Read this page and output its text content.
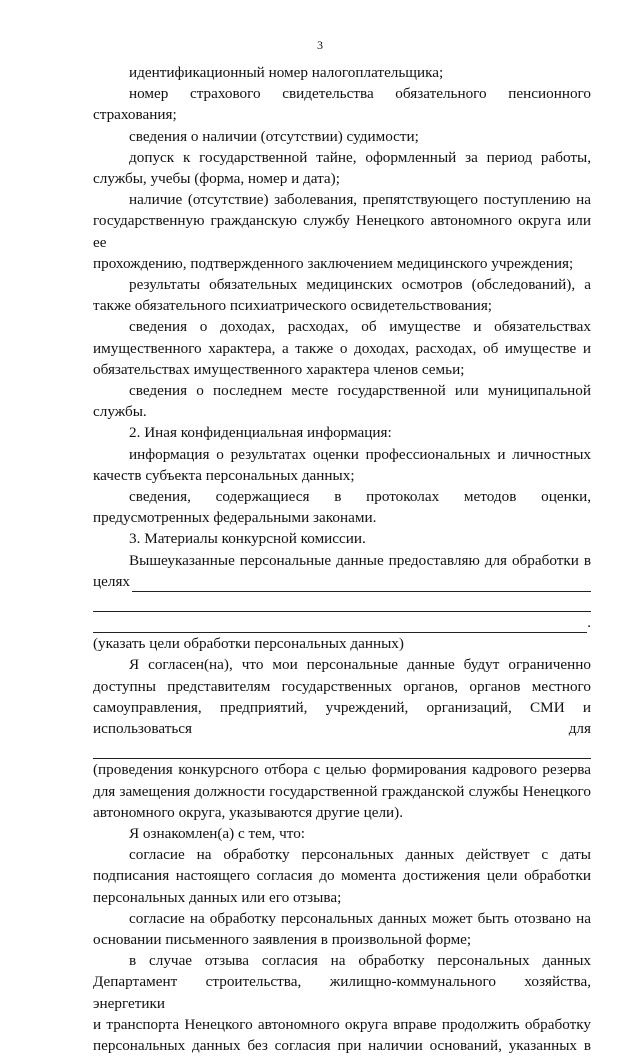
3

идентификационный номер налогоплательщика;

номер страхового свидетельства обязательного пенсионного

страхования;

сведения о наличии (отсутствии) судимости;

допуск к государственной тайне, оформленный за период работы,

службы, учебы (форма, номер и дата);

наличие (отсутствие) заболевания, препятствующего поступлению на

государственную гражданскую службу Ненецкого автономного округа или ее

прохождению, подтвержденного заключением медицинского учреждения;

результаты обязательных медицинских осмотров (обследований), а

также обязательного психиатрического освидетельствования;

сведения о доходах, расходах, об имуществе и обязательствах

имущественного характера, а также о доходах, расходах, об имуществе и

обязательствах имущественного характера членов семьи;

сведения о последнем месте государственной или муниципальной

службы.

2. Иная конфиденциальная информация:

информация о результатах оценки профессиональных и личностных

качеств субъекта персональных данных;

сведения, содержащиеся в протоколах методов оценки,

предусмотренных федеральными законами.

3. Материалы конкурсной комиссии.

Вышеуказанные персональные данные предоставляю для обработки в

целях
.

(указать цели обработки персональных данных)

Я согласен(на), что мои персональные данные будут ограниченно

доступны представителям государственных органов, органов местного

самоуправления, предприятий, учреждений, организаций, СМИ и

использоваться	для

(проведения конкурсного отбора с целью формирования кадрового резерва

для замещения должности государственной гражданской службы Ненецкого

автономного округа, указываются другие цели).

Я ознакомлен(а) с тем, что:

согласие на обработку персональных данных действует с даты

подписания настоящего согласия до момента достижения цели обработки

персональных данных или его отзыва;

согласие на обработку персональных данных может быть отозвано на

основании письменного заявления в произвольной форме;

в случае отзыва согласия на обработку персональных данных

Департамент строительства, жилищно-коммунального хозяйства, энергетики

и транспорта Ненецкого автономного округа вправе продолжить обработку

персональных данных без согласия при наличии оснований, указанных в
